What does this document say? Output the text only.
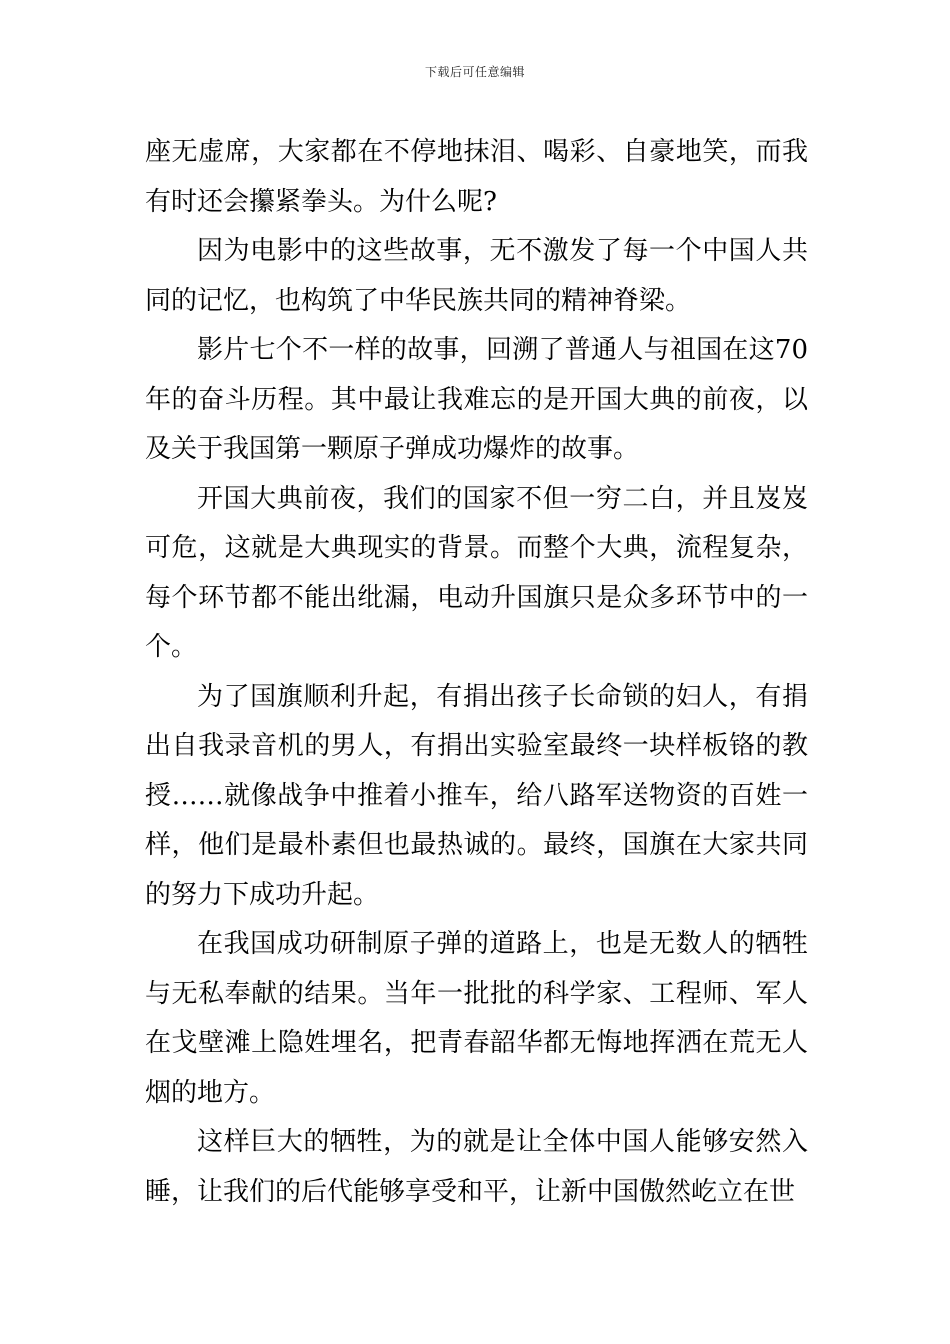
下载后可任意编辑

座无虚席，大家都在不停地抹泪、喝彩、自豪地笑，而我有时还会攥紧拳头。为什么呢?

因为电影中的这些故事，无不激发了每一个中国人共同的记忆，也构筑了中华民族共同的精神脊梁。

影片七个不一样的故事，回溯了普通人与祖国在这70年的奋斗历程。其中最让我难忘的是开国大典的前夜，以及关于我国第一颗原子弹成功爆炸的故事。

开国大典前夜，我们的国家不但一穷二白，并且岌岌可危，这就是大典现实的背景。而整个大典，流程复杂，每个环节都不能出纰漏，电动升国旗只是众多环节中的一个。

为了国旗顺利升起，有捐出孩子长命锁的妇人，有捐出自我录音机的男人，有捐出实验室最终一块样板铬的教授……就像战争中推着小推车，给八路军送物资的百姓一样，他们是最朴素但也最热诚的。最终，国旗在大家共同的努力下成功升起。

在我国成功研制原子弹的道路上，也是无数人的牺牲与无私奉献的结果。当年一批批的科学家、工程师、军人在戈壁滩上隐姓埋名，把青春韶华都无悔地挥洒在荒无人烟的地方。

这样巨大的牺牲，为的就是让全体中国人能够安然入睡，让我们的后代能够享受和平，让新中国傲然屹立在世
